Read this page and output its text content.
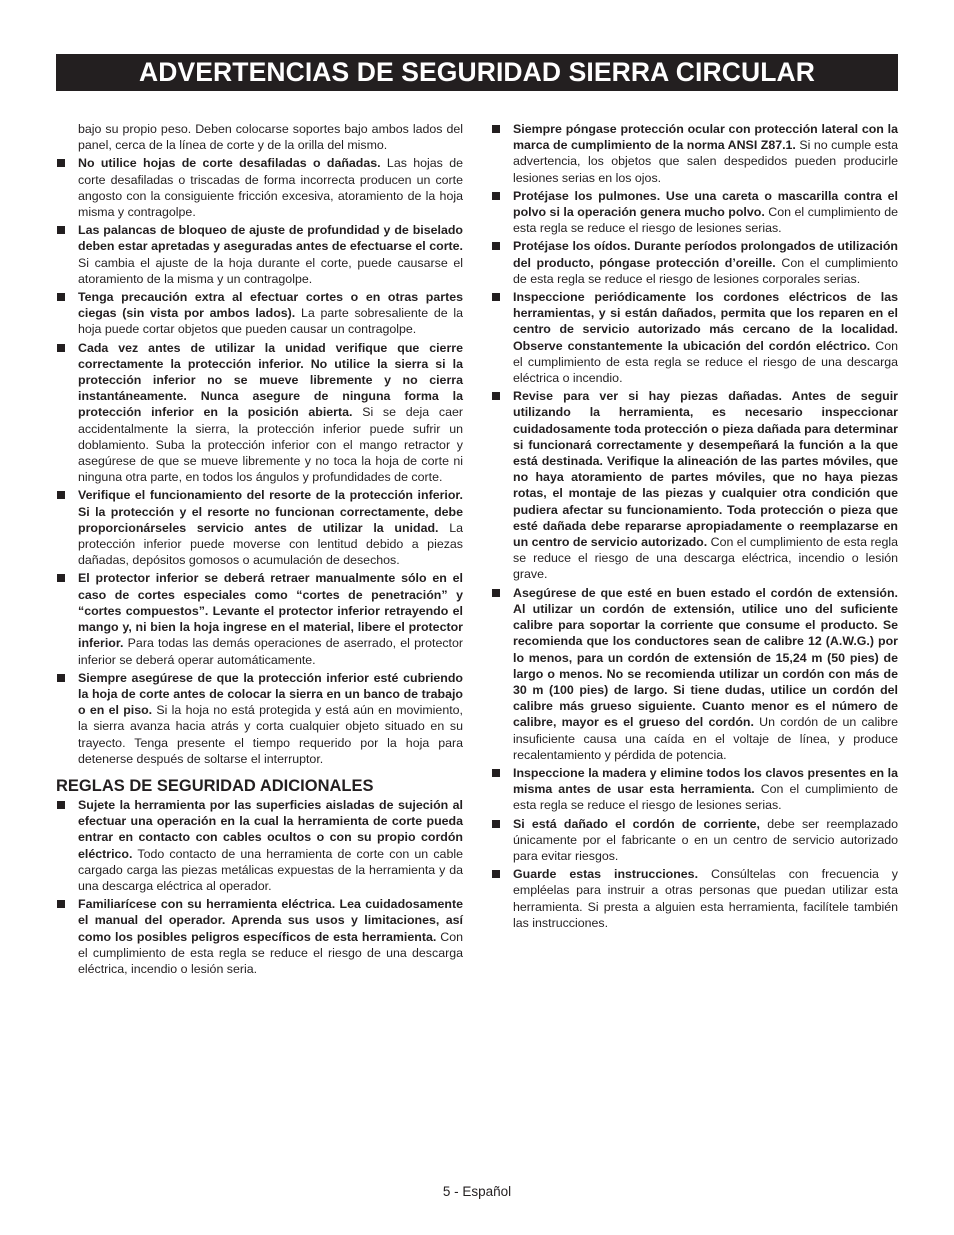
ADVERTENCIAS DE SEGURIDAD SIERRA CIRCULAR

bajo su propio peso. Deben colocarse soportes bajo ambos lados del panel, cerca de la línea de corte y de la orilla del mismo.

No utilice hojas de corte desafiladas o dañadas. Las hojas de corte desafiladas o triscadas de forma incorrecta producen un corte angosto con la consiguiente fricción excesiva, atoramiento de la hoja misma y contragolpe.
Las palancas de bloqueo de ajuste de profundidad y de biselado deben estar apretadas y aseguradas antes de efectuarse el corte. Si cambia el ajuste de la hoja durante el corte, puede causarse el atoramiento de la misma y un contragolpe.
Tenga precaución extra al efectuar cortes o en otras partes ciegas (sin vista por ambos lados). La parte sobresaliente de la hoja puede cortar objetos que pueden causar un contragolpe.
Cada vez antes de utilizar la unidad verifique que cierre correctamente la protección inferior. No utilice la sierra si la protección inferior no se mueve libremente y no cierra instantáneamente. Nunca asegure de ninguna forma la protección inferior en la posición abierta. Si se deja caer accidentalmente la sierra, la protección inferior puede sufrir un doblamiento. Suba la protección inferior con el mango retractor y asegúrese de que se mueve libremente y no toca la hoja de corte ni ninguna otra parte, en todos los ángulos y profundidades de corte.
Verifique el funcionamiento del resorte de la protección inferior. Si la protección y el resorte no funcionan correctamente, debe proporcionárseles servicio antes de utilizar la unidad. La protección inferior puede moverse con lentitud debido a piezas dañadas, depósitos gomosos o acumulación de desechos.
El protector inferior se deberá retraer manualmente sólo en el caso de cortes especiales como “cortes de penetración” y “cortes compuestos”. Levante el protector inferior retrayendo el mango y, ni bien la hoja ingrese en el material, libere el protector inferior. Para todas las demás operaciones de aserrado, el protector inferior se deberá operar automáticamente.
Siempre asegúrese de que la protección inferior esté cubriendo la hoja de corte antes de colocar la sierra en un banco de trabajo o en el piso. Si la hoja no está protegida y está aún en movimiento, la sierra avanza hacia atrás y corta cualquier objeto situado en su trayecto. Tenga presente el tiempo requerido por la hoja para detenerse después de soltarse el interruptor.
REGLAS DE SEGURIDAD ADICIONALES
Sujete la herramienta por las superficies aisladas de sujeción al efectuar una operación en la cual la herramienta de corte pueda entrar en contacto con cables ocultos o con su propio cordón eléctrico. Todo contacto de una herramienta de corte con un cable cargado carga las piezas metálicas expuestas de la herramienta y da una descarga eléctrica al operador.
Familiarícese con su herramienta eléctrica. Lea cuidadosamente el manual del operador. Aprenda sus usos y limitaciones, así como los posibles peligros específicos de esta herramienta. Con el cumplimiento de esta regla se reduce el riesgo de una descarga eléctrica, incendio o lesión seria.
Siempre póngase protección ocular con protección lateral con la marca de cumplimiento de la norma ANSI Z87.1. Si no cumple esta advertencia, los objetos que salen despedidos pueden producirle lesiones serias en los ojos.
Protéjase los pulmones. Use una careta o mascarilla contra el polvo si la operación genera mucho polvo. Con el cumplimiento de esta regla se reduce el riesgo de lesiones serias.
Protéjase los oídos. Durante períodos prolongados de utilización del producto, póngase protección d’oreille. Con el cumplimiento de esta regla se reduce el riesgo de lesiones corporales serias.
Inspeccione periódicamente los cordones eléctricos de las herramientas, y si están dañados, permita que los reparen en el centro de servicio autorizado más cercano de la localidad. Observe constantemente la ubicación del cordón eléctrico. Con el cumplimiento de esta regla se reduce el riesgo de una descarga eléctrica o incendio.
Revise para ver si hay piezas dañadas. Antes de seguir utilizando la herramienta, es necesario inspeccionar cuidadosamente toda protección o pieza dañada para determinar si funcionará correctamente y desempeñará la función a la que está destinada. Verifique la alineación de las partes móviles, que no haya atoramiento de partes móviles, que no haya piezas rotas, el montaje de las piezas y cualquier otra condición que pudiera afectar su funcionamiento. Toda protección o pieza que esté dañada debe repararse apropiadamente o reemplazarse en un centro de servicio autorizado. Con el cumplimiento de esta regla se reduce el riesgo de una descarga eléctrica, incendio o lesión grave.
Asegúrese de que esté en buen estado el cordón de extensión. Al utilizar un cordón de extensión, utilice uno del suficiente calibre para soportar la corriente que consume el producto. Se recomienda que los conductores sean de calibre 12 (A.W.G.) por lo menos, para un cordón de extensión de 15,24 m (50 pies) de largo o menos. No se recomienda utilizar un cordón con más de 30 m (100 pies) de largo. Si tiene dudas, utilice un cordón del calibre más grueso siguiente. Cuanto menor es el número de calibre, mayor es el grueso del cordón. Un cordón de un calibre insuficiente causa una caída en el voltaje de línea, y produce recalentamiento y pérdida de potencia.
Inspeccione la madera y elimine todos los clavos presentes en la misma antes de usar esta herramienta. Con el cumplimiento de esta regla se reduce el riesgo de lesiones serias.
Si está dañado el cordón de corriente, debe ser reemplazado únicamente por el fabricante o en un centro de servicio autorizado para evitar riesgos.
Guarde estas instrucciones. Consúltelas con frecuencia y empléelas para instruir a otras personas que puedan utilizar esta herramienta. Si presta a alguien esta herramienta, facilítele también las instrucciones.
5 - Español
